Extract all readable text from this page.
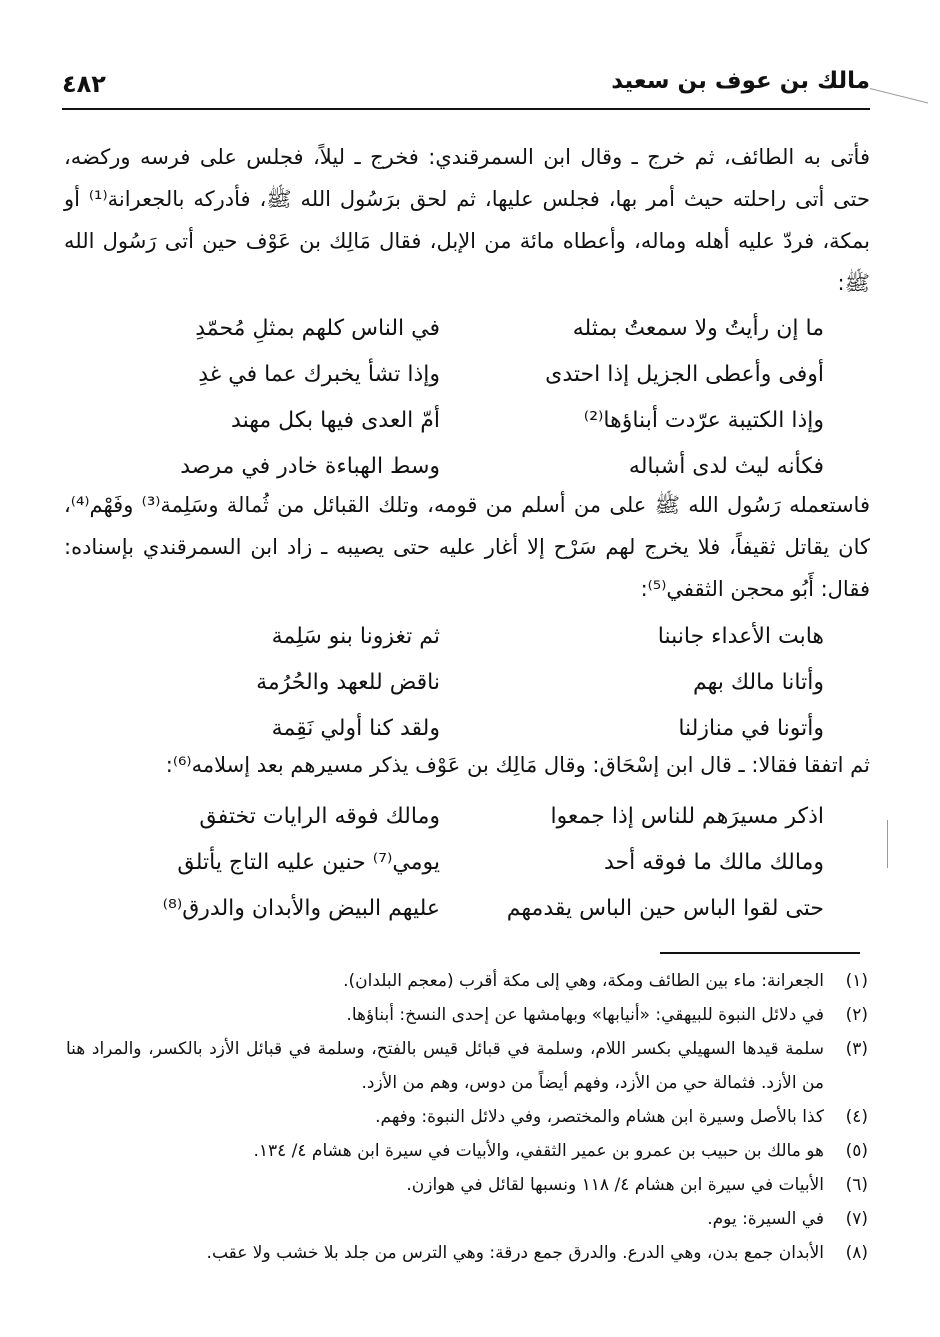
مالك بن عوف بن سعيد
٤٨٢

فأتى به الطائف، ثم خرج ـ وقال ابن السمرقندي: فخرج ـ ليلاً، فجلس على فرسه وركضه، حتى أتى راحلته حيث أمر بها، فجلس عليها، ثم لحق برَسُول الله ﷺ، فأدركه بالجعرانة⁽¹⁾ أو بمكة، فردّ عليه أهله وماله، وأعطاه مائة من الإبل، فقال مَالِك بن عَوْف حين أتى رَسُول الله ﷺ:

ما إن رأيتُ ولا سمعتُ بمثله
في الناس كلهم بمثلِ مُحمّدِ
أوفى وأعطى الجزيل إذا احتدى
وإذا تشأ يخبرك عما في غدِ
وإذا الكتيبة عرّدت أبناؤها⁽²⁾
أمّ العدى فيها بكل مهند
فكأنه ليث لدى أشباله
وسط الهباءة خادر في مرصد

فاستعمله رَسُول الله ﷺ على من أسلم من قومه، وتلك القبائل من ثُمالة وسَلِمة⁽³⁾ وفَهْم⁽⁴⁾، كان يقاتل ثقيفاً، فلا يخرج لهم سَرْح إلا أغار عليه حتى يصيبه ـ زاد ابن السمرقندي بإسناده: فقال: أَبُو محجن الثقفي⁽⁵⁾:

هابت الأعداء جانبنا
ثم تغزونا بنو سَلِمة
وأتانا مالك بهم
ناقض للعهد والحُرُمة
وأتونا في منازلنا
ولقد كنا أولي نَقِمة

ثم اتفقا فقالا: ـ قال ابن إسْحَاق: وقال مَالِك بن عَوْف يذكر مسيرهم بعد إسلامه⁽⁶⁾:

اذكر مسيرَهم للناس إذا جمعوا
ومالك فوقه الرايات تختفق
ومالك مالك ما فوقه أحد
يومي⁽⁷⁾ حنين عليه التاج يأتلق
حتى لقوا الباس حين الباس يقدمهم
عليهم البيض والأبدان والدرق⁽⁸⁾
(١)
الجعرانة: ماء بين الطائف ومكة، وهي إلى مكة أقرب (معجم البلدان).
(٢)
في دلائل النبوة للبيهقي: «أنيابها» وبهامشها عن إحدى النسخ: أبناؤها.
(٣)
سلمة قيدها السهيلي بكسر اللام، وسلمة في قبائل قيس بالفتح، وسلمة في قبائل الأزد بالكسر، والمراد هنا من الأزد. فثمالة حي من الأزد، وفهم أيضاً من دوس، وهم من الأزد.
(٤)
كذا بالأصل وسيرة ابن هشام والمختصر، وفي دلائل النبوة: وفهم.
(٥)
هو مالك بن حبيب بن عمرو بن عمير الثقفي، والأبيات في سيرة ابن هشام ٤/ ١٣٤.
(٦)
الأبيات في سيرة ابن هشام ٤/ ١١٨ ونسبها لقائل في هوازن.
(٧)
في السيرة: يوم.
(٨)
الأبدان جمع بدن، وهي الدرع. والدرق جمع درقة: وهي الترس من جلد بلا خشب ولا عقب.
